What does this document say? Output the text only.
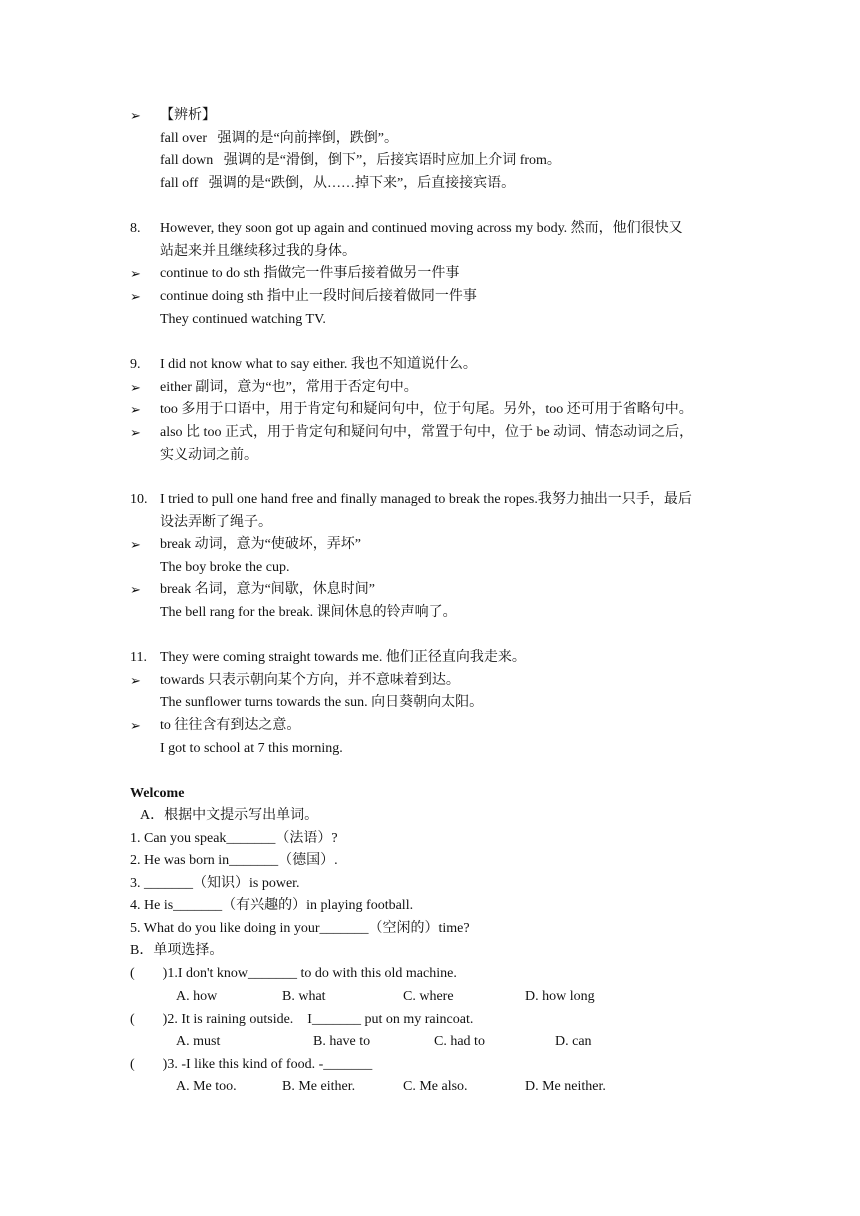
➢ 【辨析】
fall over   强调的是“向前摔倒，跌倒”。
fall down   强调的是“滑倒，倒下”，后接宾语时应加上介词 from。
fall off   强调的是“跌倒，从……掉下来”，后直接接宾语。
8. However, they soon got up again and continued moving across my body. 然而，他们很快又
站起来并且继续移过我的身体。
➢ continue to do sth 指做完一件事后接着做另一件事
➢ continue doing sth 指中止一段时间后接着做同一件事
They continued watching TV.
9. I did not know what to say either. 我也不知道说什么。
➢ either 副词，意为“也”，常用于否定句中。
➢ too 多用于口语中，用于肯定句和疑问句中，位于句尾。另外，too 还可用于省略句中。
➢ also 比 too 正式，用于肯定句和疑问句中，常置于句中，位于 be 动词、情态动词之后，
实义动词之前。
10. I tried to pull one hand free and finally managed to break the ropes.我努力抽出一只手，最后
设法弄断了绳子。
➢ break 动词，意为“使破坏，弄坏”
The boy broke the cup.
➢ break 名词，意为“间歇，休息时间”
The bell rang for the break. 课间休息的铃声响了。
11. They were coming straight towards me. 他们正径直向我走来。
➢ towards 只表示朝向某个方向，并不意味着到达。
The sunflower turns towards the sun. 向日葵朝向太阳。
➢ to 往往含有到达之意。
I got to school at 7 this morning.
Welcome
A．根据中文提示写出单词。
1. Can you speak_______（法语）?
2. He was born in_______（德国）.
3. _______（知识）is power.
4. He is_______（有兴趣的）in playing football.
5. What do you like doing in your_______（空闲的）time?
B．单项选择。
(        )1.I don't know_______ to do with this old machine.
A. how	B. what	C. where	D. how long
(        )2. It is raining outside.    I_______ put on my raincoat.
A. must	B. have to	C. had to	D. can
(        )3. -I like this kind of food. -_______
A. Me too.	B. Me either.	C. Me also.	D. Me neither.
